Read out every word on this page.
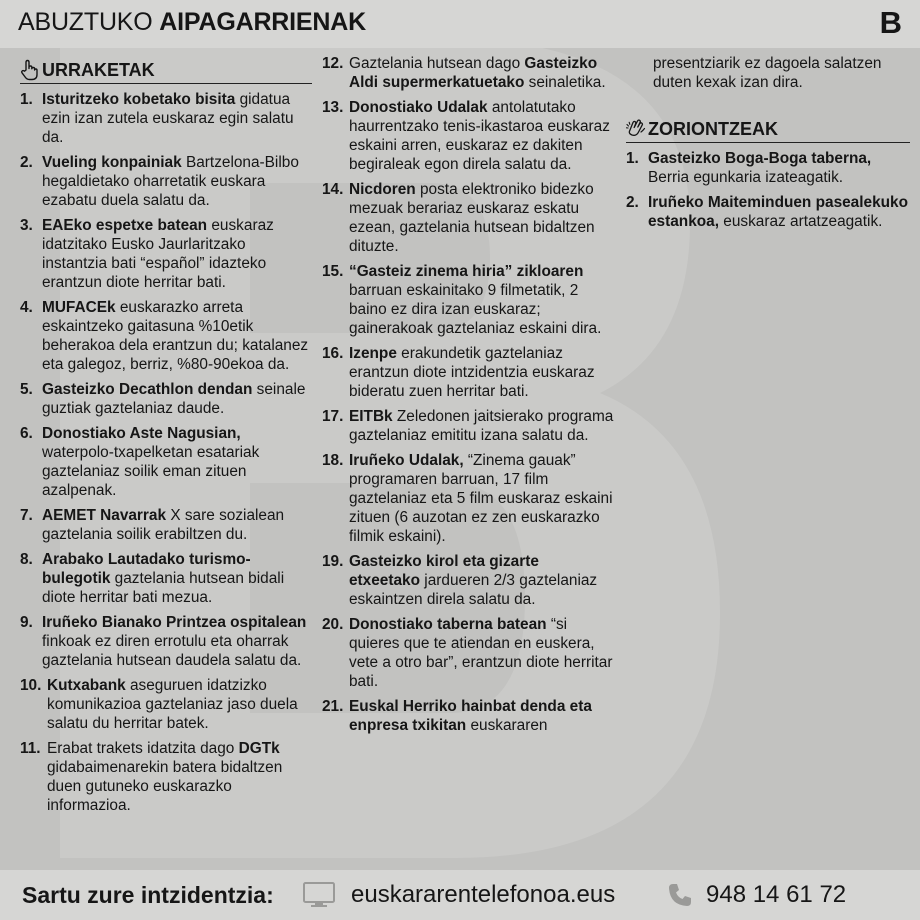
ABUZTUKO AIPAGARRIENAK	B
URRAKETAK
1. Isturitzeko kobetako bisita gidatua ezin izan zutela euskaraz egin salatu da.
2. Vueling konpainiak Bartzelona-Bilbo hegaldietako oharretatik euskara ezabatu duela salatu da.
3. EAEko espetxe batean euskaraz idatzitako Eusko Jaurlaritzako instantzia bati “español” idazteko erantzun diote herritar bati.
4. MUFACEk euskarazko arreta eskaintzeko gaitasuna %10etik beherakoa dela erantzun du; katalanez eta galegoz, berriz, %80-90ekoa da.
5. Gasteizko Decathlon dendan seinale guztiak gaztelaniaz daude.
6. Donostiako Aste Nagusian, waterpolo-txapelketan esatariak gaztelaniaz soilik eman zituen azalpenak.
7. AEMET Navarrak X sare sozialean gaztelania soilik erabiltzen du.
8. Arabako Lautadako turismo-bulegotik gaztelania hutsean bidali diote herritar bati mezua.
9. Iruñeko Bianako Printzea ospitalean finkoak ez diren errotulu eta oharrak gaztelania hutsean daudela salatu da.
10. Kutxabank aseguruen idatzizko komunikazioa gaztelaniaz jaso duela salatu du herritar batek.
11. Erabat trakets idatzita dago DGTk gidabaimenarekin batera bidaltzen duen gutuneko euskarazko informazioa.
12. Gaztelania hutsean dago Gasteizko Aldi supermerkatuetako seinaletika.
13. Donostiako Udalak antolatutako haurrentzako tenis-ikastaroa euskaraz eskaini arren, euskaraz ez dakiten begiraleak egon direla salatu da.
14. Nicdoren posta elektroniko bidezko mezuak berariaz euskaraz eskatu ezean, gaztelania hutsean bidaltzen dituzte.
15. “Gasteiz zinema hiria” zikloaren barruan eskainitako 9 filmetatik, 2 baino ez dira izan euskaraz; gainerakoak gaztelaniaz eskaini dira.
16. Izenpe erakundetik gaztelaniaz erantzun diote intzidentzia euskaraz bideratu zuen herritar bati.
17. EITBk Zeledonen jaitsierako programa gaztelaniaz emititu izana salatu da.
18. Iruñeko Udalak, “Zinema gauak” programaren barruan, 17 film gaztelaniaz eta 5 film euskaraz eskaini zituen (6 auzotan ez zen euskarazko filmik eskaini).
19. Gasteizko kirol eta gizarte etxeetako jardueren 2/3 gaztelaniaz eskaintzen direla salatu da.
20. Donostiako taberna batean “si quieres que te atiendan en euskera, vete a otro bar”, erantzun diote herritar bati.
21. Euskal Herriko hainbat denda eta enpresa txikitan euskararen
presentziarik ez dagoela salatzen duten kexak izan dira.
ZORIONTZEAK
1. Gasteizko Boga-Boga taberna, Berria egunkaria izateagatik.
2. Iruñeko Maiteminduen pasealekuko estankoa, euskaraz artatzeagatik.
Sartu zure intzidentzia:	euskararentelefonoa.eus	948 14 61 72
